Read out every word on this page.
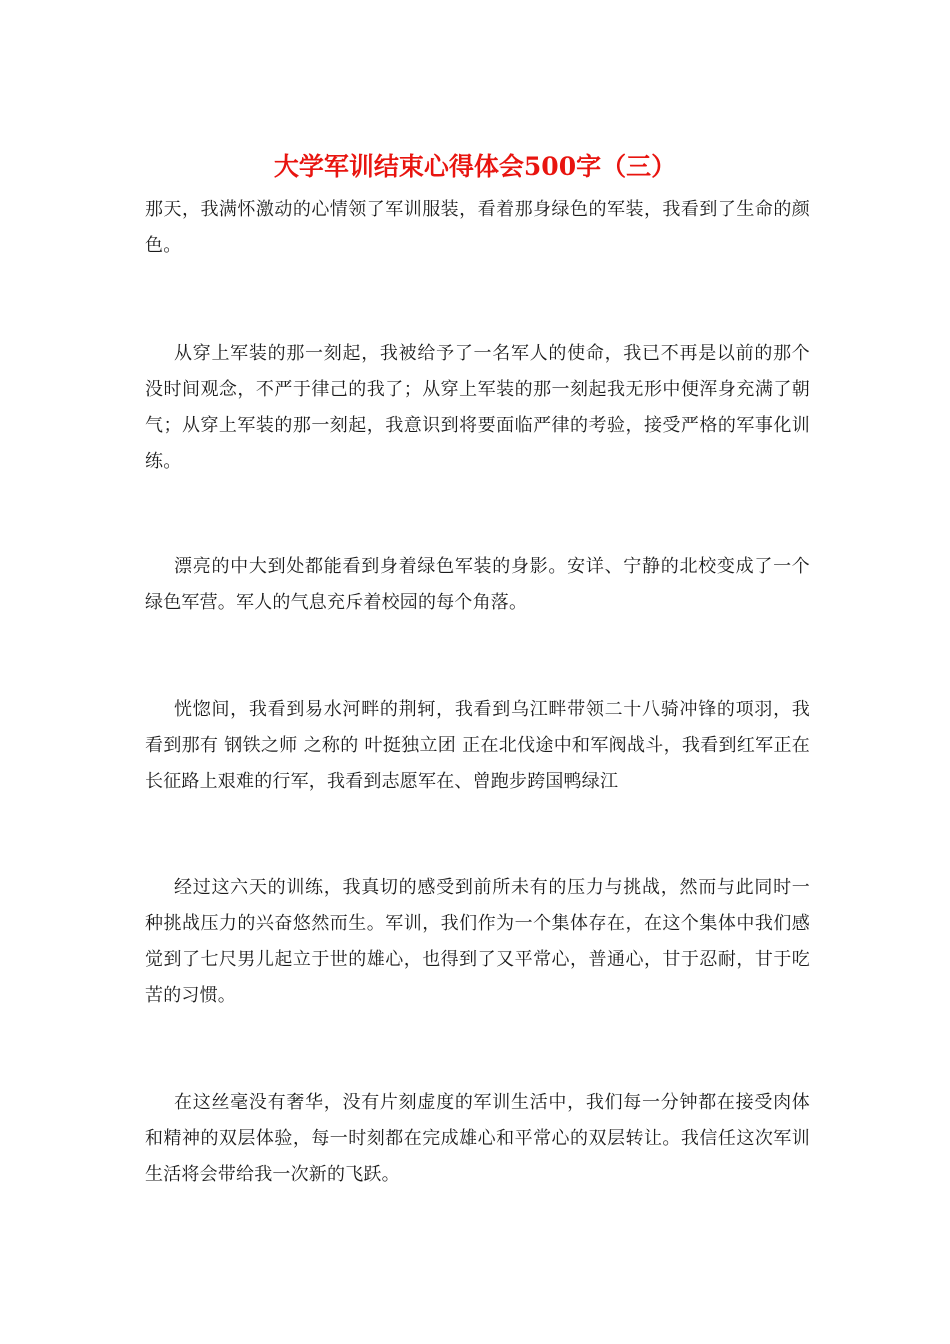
大学军训结束心得体会500字（三）

那天，我满怀激动的心情领了军训服装，看着那身绿色的军装，我看到了生命的颜色。

从穿上军装的那一刻起，我被给予了一名军人的使命，我已不再是以前的那个没时间观念，不严于律己的我了；从穿上军装的那一刻起我无形中便浑身充满了朝气；从穿上军装的那一刻起，我意识到将要面临严律的考验，接受严格的军事化训练。

漂亮的中大到处都能看到身着绿色军装的身影。安详、宁静的北校变成了一个绿色军营。军人的气息充斥着校园的每个角落。

恍惚间，我看到易水河畔的荆轲，我看到乌江畔带领二十八骑冲锋的项羽，我看到那有 钢铁之师 之称的 叶挺独立团 正在北伐途中和军阀战斗，我看到红军正在长征路上艰难的行军，我看到志愿军在、曾跑步跨国鸭绿江

经过这六天的训练，我真切的感受到前所未有的压力与挑战，然而与此同时一种挑战压力的兴奋悠然而生。军训，我们作为一个集体存在，在这个集体中我们感觉到了七尺男儿起立于世的雄心，也得到了又平常心，普通心，甘于忍耐，甘于吃苦的习惯。

在这丝毫没有奢华，没有片刻虚度的军训生活中，我们每一分钟都在接受肉体和精神的双层体验，每一时刻都在完成雄心和平常心的双层转让。我信任这次军训生活将会带给我一次新的飞跃。
